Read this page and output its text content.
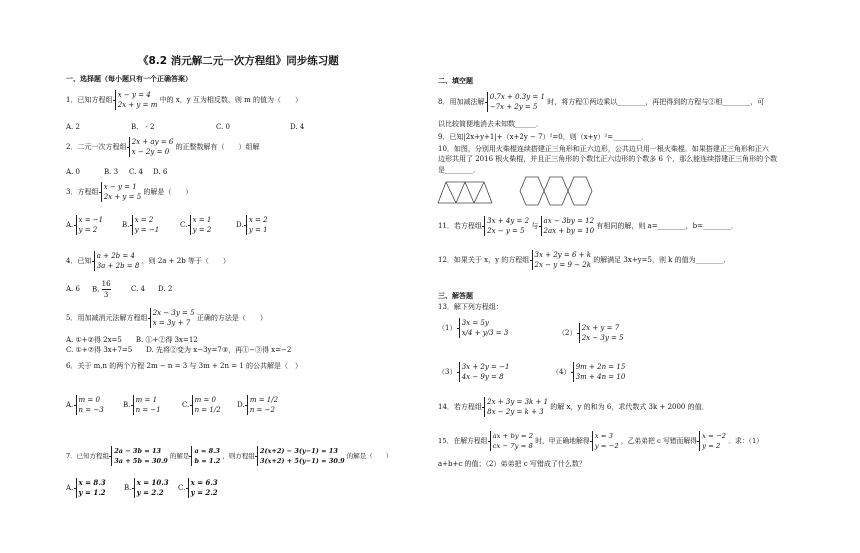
《8.2 消元解二元一次方程组》同步练习题
一、选择题（每小题只有一个正确答案）
1．已知方程组
x − y = 4
2x + y = m
中的 x，y 互为相反数，则 m 的值为（　　）
A. 2	B.　- 2	C. 0	D. 4
2．二元一次方程组
2x + ay = 6
x − 2y = 0
的正整数解有（　　）组解
A. 0	B. 3 C. 4 D. 6
3．方程组
x − y = 1
2x + y = 5
的解是（　　）
A.
x = −1
y = 2
B.
x = 2
y = −1
C.
x = 1
y = 2
D.
x = 2
y = 1
4．已知
a + 2b = 4
3a + 2b = 8
，则 2a + 2b 等于（　　）
A. 6 B. $\frac{16}{3}$	C. 4 D. 2
5．用加减消元法解方程组
2x − 3y = 5
x = 3y + 7
正确的方法是（　　）
A. ①+②得 2x=5　　B. ①+②得 3x=12
C. ①+⑦得 3x+7=5　　D. 先将②变为 x−3y=7③，再①−③得 x=−2
6．关于 m,n 的两个方程 2m − n = 3 与 3m + 2n = 1 的公共解是（　）
A.
m = 0
n = −3
B.
m = 1
n = −1
C.
m = 0
n = 1/2
D.
m = 1/2
n = −2
7．已知方程组
2a − 3b = 13
3a + 5b = 30.9
的解是
a = 8.3
b = 1.2
，则方程组
2(x+2) − 3(y−1) = 13
3(x+2) + 5(y−1) = 30.9
的解是（　　）
A.
x = 8.3
y = 1.2	B.
x = 10.3
y = 2.2	C.
x = 6.3
y = 2.2
二、填空题
8．用加减法解
0.7x + 0.3y = 1
−7x + 2y = 5
时，将方程①两边乘以________，再把得到的方程与②相________，可
以比较简便地消去未知数______．
9．已知|2x+y+1|+（x+2y − 7）²=0，则（x+y）²=________．
10．如图，分别用火柴棍连续搭建正三角形和正六边形，公共边只用一根火柴棍．如果搭建正三角形和正六
边形共用了 2016 根火柴棍，并且正三角形的个数比正六边形的个数多 6 个，那么能连续搭建正三角形的个数
是________．
11．若方程组
3x + 4y = 2
2x − y = 5
与
ax − 3by = 12
2ax + by = 10
有相同的解，则 a=________，b=________．
12．如果关于 x，y 的方程组
3x + 2y = 6 + k
2x − y = 9 − 2k
的解满足 3x+y=5，则 k 的值为________．
三、解答题
13．解下列方程组：
（1）
3x = 5y
x/4 + y/3 = 3	（2）
2x + y = 7
2x − 3y = 5
（3）
3x + 2y = −1
4x − 9y = 8
（4）
9m + 2n = 15
3m + 4n = 10
14．若方程组
2x + 3y = 3k + 1
8x − 2y = k + 3
的解 x，y 的和为 6，求代数式 3k + 2000 的值．
15．在解方程组
ax + by = 2
cx − 7y = 8
时，甲正确地解得
x = 3
y = −2
，乙弟弟把 c 写错而解得
x = −2
y = 2
．求：（1）
a+b+c 的值；（2）弟弟把 c 写错成了什么数？
